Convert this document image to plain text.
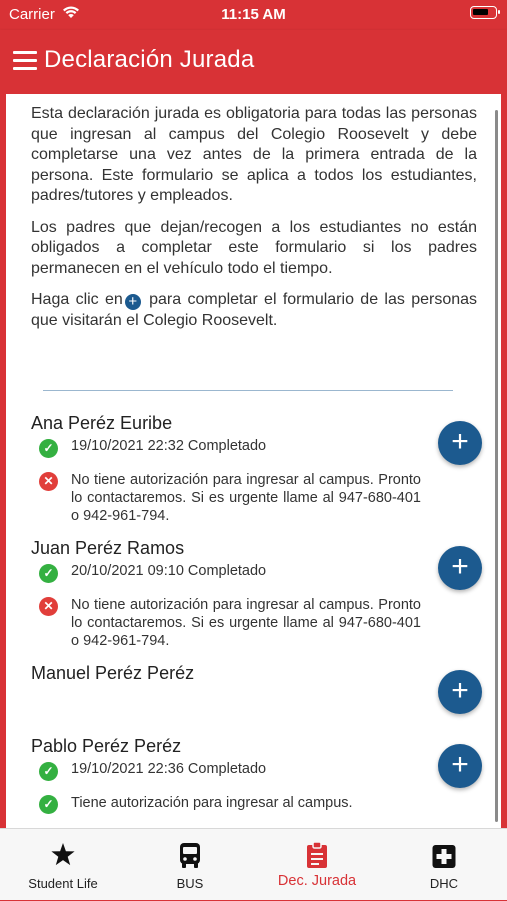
Carrier	11:15 AM
Declaración Jurada

Esta declaración jurada es obligatoria para todas las personas que ingresan al campus del Colegio Roosevelt y debe completarse una vez antes de la primera entrada de la persona. Este formulario se aplica a todos los estudiantes, padres/tutores y empleados.

Los padres que dejan/recogen a los estudiantes no están obligados a completar este formulario si los padres permanecen en el vehículo todo el tiempo.

Haga clic en + para completar el formulario de las personas que visitarán el Colegio Roosevelt.

Ana Peréz Euribe
✓	19/10/2021 22:32 Completado
✕	No tiene autorización para ingresar al campus. Pronto lo contactaremos. Si es urgente llame al 947-680-401 o 942-961-794.
+
Juan Peréz Ramos
✓	20/10/2021 09:10 Completado
✕	No tiene autorización para ingresar al campus. Pronto lo contactaremos. Si es urgente llame al 947-680-401 o 942-961-794.
+
Manuel Peréz Peréz
+
Pablo Peréz Peréz
✓	19/10/2021 22:36 Completado
✓	Tiene autorización para ingresar al campus.
+
Student Life	BUS	Dec. Jurada	DHC
